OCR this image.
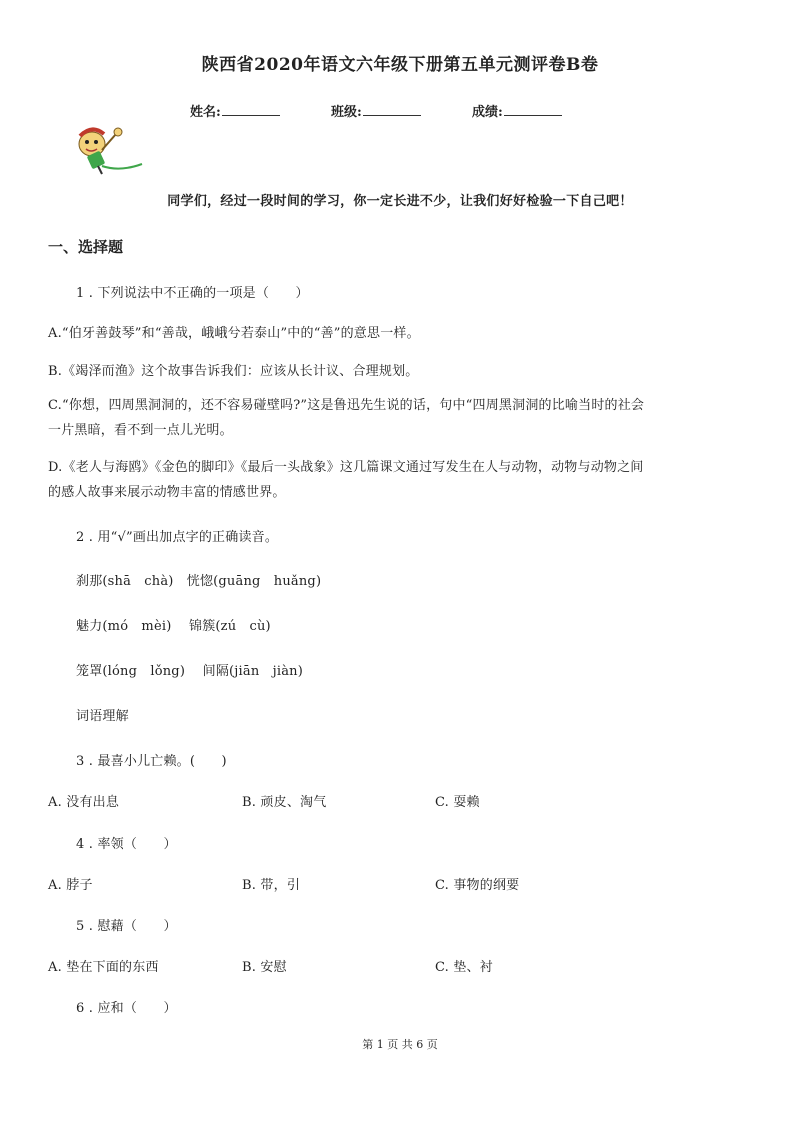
陕西省2020年语文六年级下册第五单元测评卷B卷
姓名:	班级:	成绩:
同学们，经过一段时间的学习，你一定长进不少，让我们好好检验一下自己吧！
一、选择题
1 . 下列说法中不正确的一项是（　　）
A.“伯牙善鼓琴”和“善哉，峨峨兮若泰山”中的“善”的意思一样。
B.《竭泽而渔》这个故事告诉我们：应该从长计议、合理规划。
C.“你想，四周黑洞洞的，还不容易碰壁吗?”这是鲁迅先生说的话，句中“四周黑洞洞的比喻当时的社会一片黑暗，看不到一点儿光明。
D.《老人与海鸥》《金色的脚印》《最后一头战象》这几篇课文通过写发生在人与动物，动物与动物之间的感人故事来展示动物丰富的情感世界。
2 . 用“√”画出加点字的正确读音。
刹那(shā　chà)　恍惚(guāng　huǎng)
魅力(mó　mèi)　 锦簇(zú　cù)
笼罩(lóng　lǒng)　 间隔(jiān　jiàn)
词语理解
3 . 最喜小儿亡赖。(　　)
A. 没有出息	B. 顽皮、淘气	C. 耍赖
4 . 率领（　　）
A. 脖子	B. 带，引	C. 事物的纲要
5 . 慰藉（　　）
A. 垫在下面的东西	B. 安慰	C. 垫、衬
6 . 应和（　　）
第 1 页 共 6 页
